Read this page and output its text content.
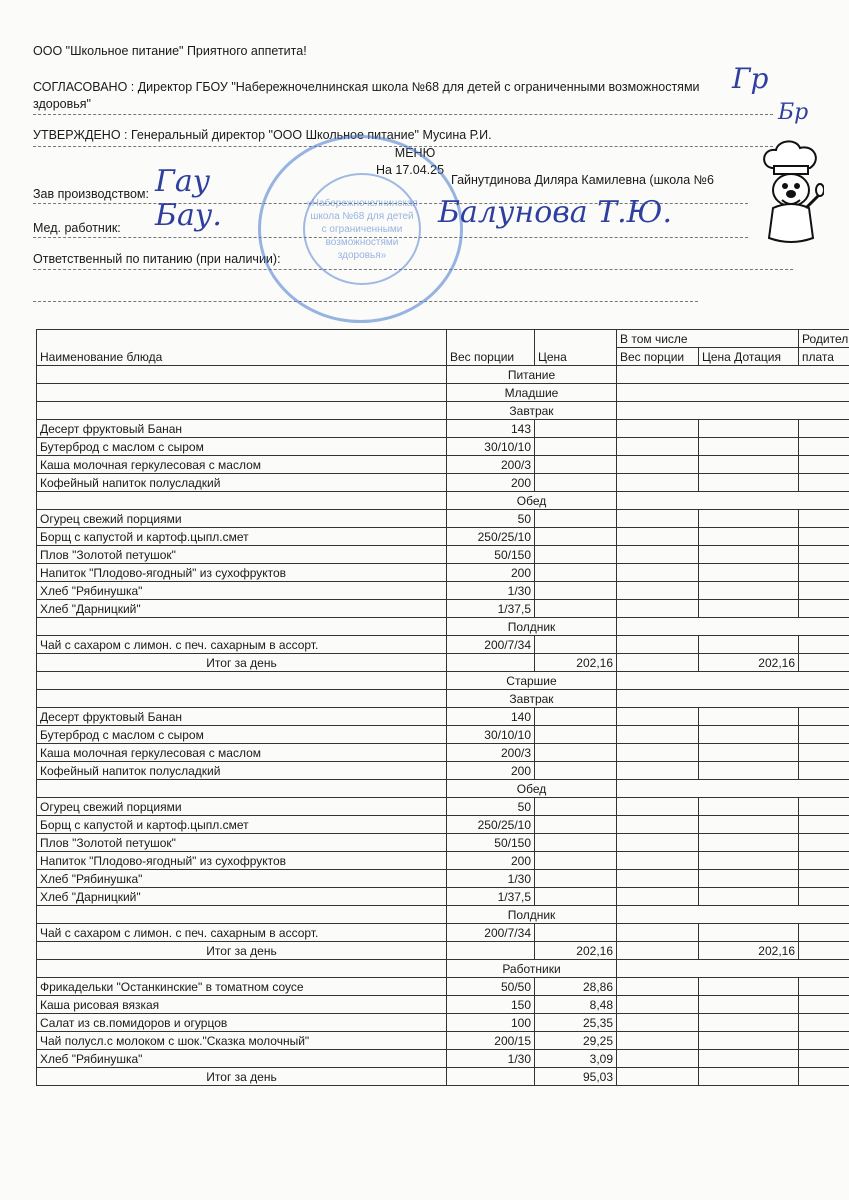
ООО "Школьное питание" Приятного аппетита!
СОГЛАСОВАНО : Директор ГБОУ "Набережночелнинская школа №68 для детей с ограниченными возможностями
здоровья"
УТВЕРЖДЕНО : Генеральный директор "ООО Школьное питание" Мусина Р.И.
МЕНЮ
На 17.04.25
Зав производством:
Гайнутдинова Диляра Камилевна (школа №6
Мед. работник:
Ответственный по питанию (при наличии):
«Набережночелнинская
школа №68 для детей
с ограниченными
возможностями
здоровья»
Гау
Бау.	Балунова Т.Ю.
Гр
Бр
Наименование блюда	Вес порции	Цена	В том числе		Родител
			Вес порции	Цена Дотация	плата
	Питание				
	Младшие				
	Завтрак				
Десерт фруктовый Банан	143				
Бутерброд с маслом с сыром	30/10/10				
Каша молочная геркулесовая с маслом	200/3				
Кофейный напиток полусладкий	200				
	Обед				
Огурец свежий порциями	50				
Борщ с капустой и картоф.цыпл.смет	250/25/10				
Плов "Золотой петушок"	50/150				
Напиток "Плодово-ягодный" из сухофруктов	200				
Хлеб "Рябинушка"	1/30				
Хлеб "Дарницкий"	1/37,5				
	Полдник				
Чай с сахаром с лимон. с печ. сахарным в ассорт.	200/7/34				
Итог за день		202,16		202,16	
	Старшие				
	Завтрак				
Десерт фруктовый Банан	140				
Бутерброд с маслом с сыром	30/10/10				
Каша молочная геркулесовая с маслом	200/3				
Кофейный напиток полусладкий	200				
	Обед				
Огурец свежий порциями	50				
Борщ с капустой и картоф.цыпл.смет	250/25/10				
Плов "Золотой петушок"	50/150				
Напиток "Плодово-ягодный" из сухофруктов	200				
Хлеб "Рябинушка"	1/30				
Хлеб "Дарницкий"	1/37,5				
	Полдник				
Чай с сахаром с лимон. с печ. сахарным в ассорт.	200/7/34				
Итог за день		202,16		202,16	
	Работники				
Фрикадельки "Останкинские" в томатном соусе	50/50	28,86			
Каша рисовая вязкая	150	8,48			
Салат из св.помидоров и огурцов	100	25,35			
Чай полусл.с молоком с шок."Сказка молочный"	200/15	29,25			
Хлеб "Рябинушка"	1/30	3,09			
Итог за день		95,03			
